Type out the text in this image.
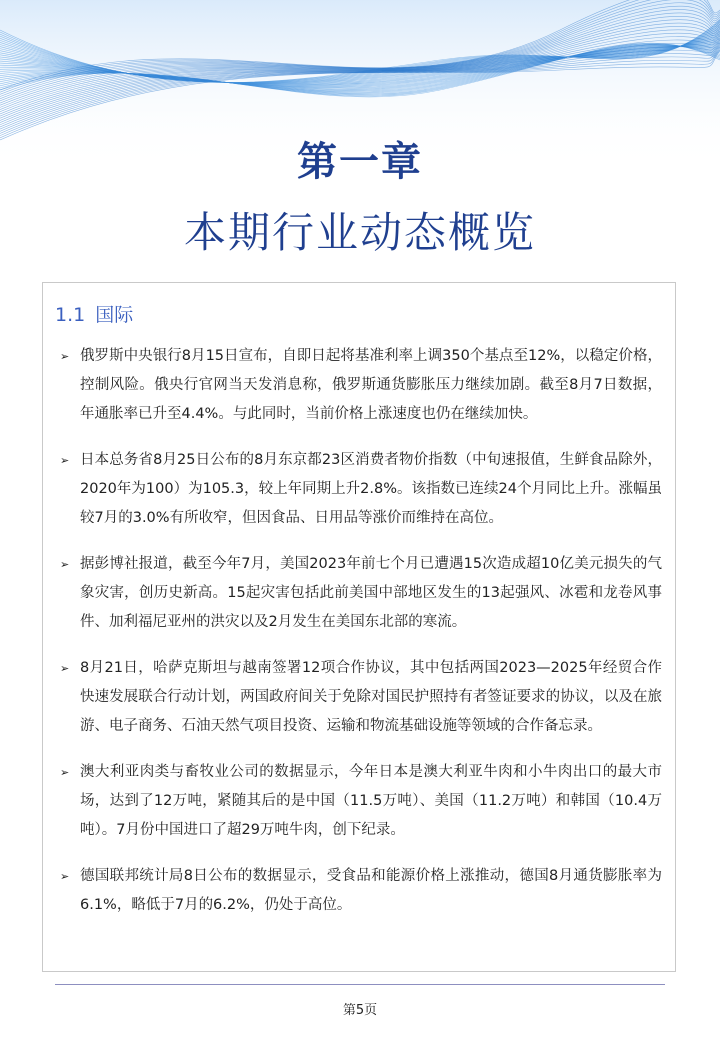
第一章
本期行业动态概览
1.1 国际
➢ 俄罗斯中央银行8月15日宣布，自即日起将基准利率上调350个基点至12%，以稳定价格，控制风险。俄央行官网当天发消息称，俄罗斯通货膨胀压力继续加剧。截至8月7日数据，年通胀率已升至4.4%。与此同时，当前价格上涨速度也仍在继续加快。
➢ 日本总务省8月25日公布的8月东京都23区消费者物价指数（中旬速报值，生鲜食品除外，2020年为100）为105.3，较上年同期上升2.8%。该指数已连续24个月同比上升。涨幅虽较7月的3.0%有所收窄，但因食品、日用品等涨价而维持在高位。
➢ 据彭博社报道，截至今年7月，美国2023年前七个月已遭遇15次造成超10亿美元损失的气象灾害，创历史新高。15起灾害包括此前美国中部地区发生的13起强风、冰雹和龙卷风事件、加利福尼亚州的洪灾以及2月发生在美国东北部的寒流。
➢ 8月21日，哈萨克斯坦与越南签署12项合作协议，其中包括两国2023—2025年经贸合作快速发展联合行动计划，两国政府间关于免除对国民护照持有者签证要求的协议，以及在旅游、电子商务、石油天然气项目投资、运输和物流基础设施等领域的合作备忘录。
➢ 澳大利亚肉类与畜牧业公司的数据显示，今年日本是澳大利亚牛肉和小牛肉出口的最大市场，达到了12万吨，紧随其后的是中国（11.5万吨）、美国（11.2万吨）和韩国（10.4万吨）。7月份中国进口了超29万吨牛肉，创下纪录。
➢ 德国联邦统计局8日公布的数据显示，受食品和能源价格上涨推动，德国8月通货膨胀率为6.1%，略低于7月的6.2%，仍处于高位。
第5页
